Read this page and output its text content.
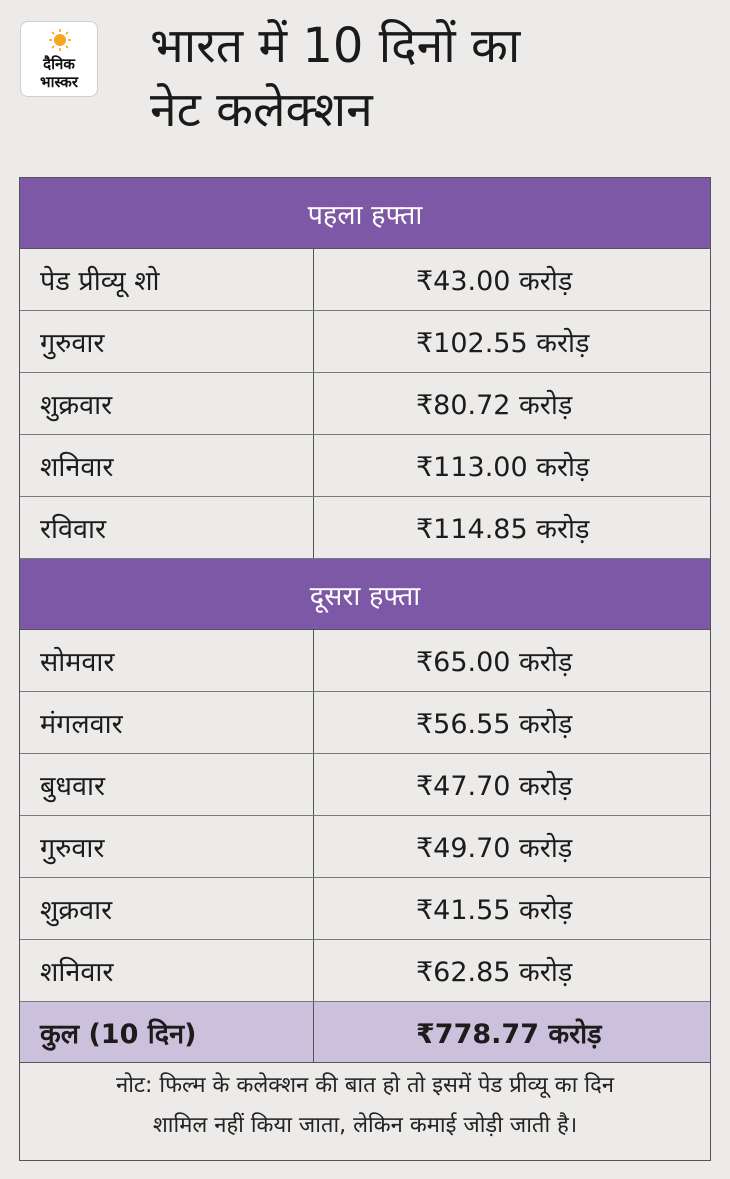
दैनिक
भास्कर
भारत में 10 दिनों का
नेट कलेक्शन
पहला हफ्ता
पेड प्रीव्यू शो	₹43.00 करोड़
गुरुवार	₹102.55 करोड़
शुक्रवार	₹80.72 करोड़
शनिवार	₹113.00 करोड़
रविवार	₹114.85 करोड़
दूसरा हफ्ता
सोमवार	₹65.00 करोड़
मंगलवार	₹56.55 करोड़
बुधवार	₹47.70 करोड़
गुरुवार	₹49.70 करोड़
शुक्रवार	₹41.55 करोड़
शनिवार	₹62.85 करोड़
कुल (10 दिन)	₹778.77 करोड़
नोट: फिल्म के कलेक्शन की बात हो तो इसमें पेड प्रीव्यू का दिन
शामिल नहीं किया जाता, लेकिन कमाई जोड़ी जाती है।
